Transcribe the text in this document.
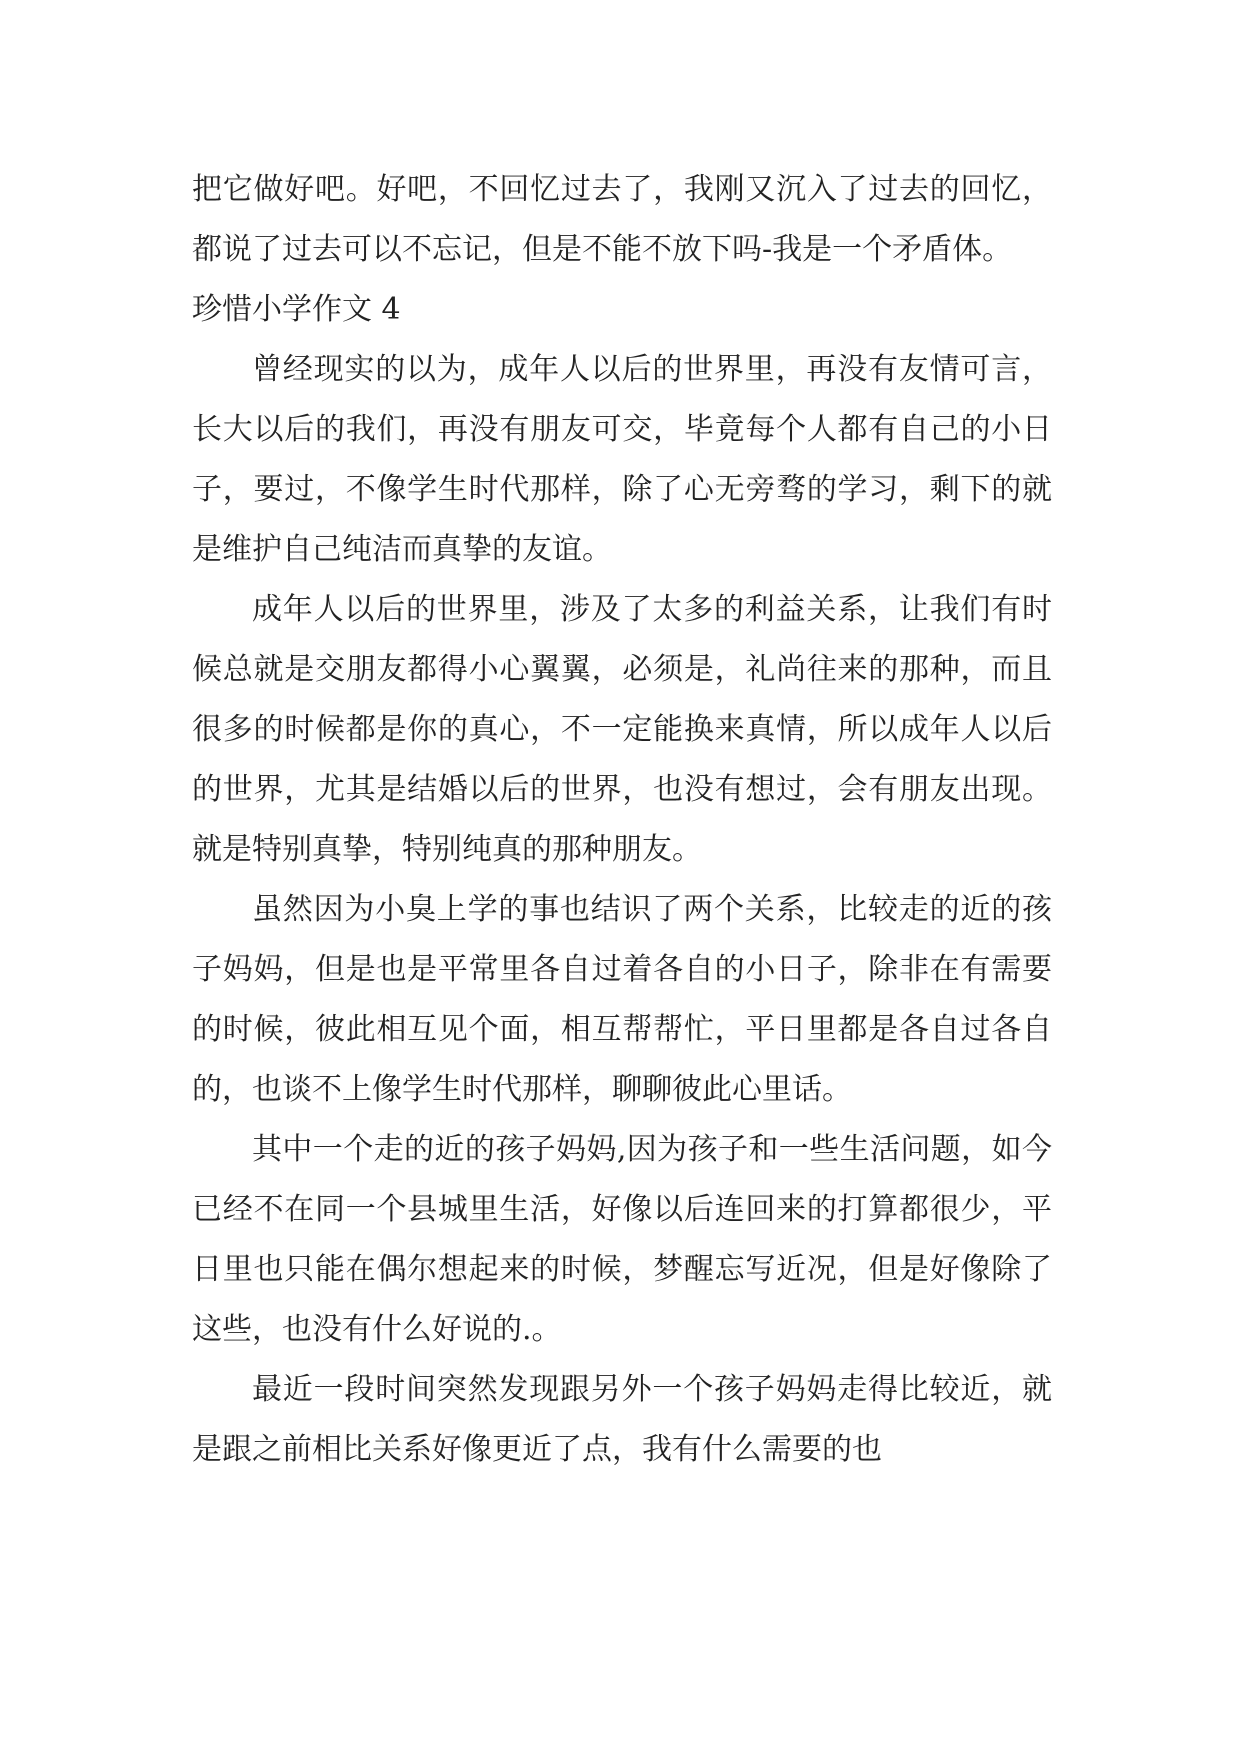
把它做好吧。好吧，不回忆过去了，我刚又沉入了过去的回忆，都说了过去可以不忘记，但是不能不放下吗-我是一个矛盾体。

珍惜小学作文 4

曾经现实的以为，成年人以后的世界里，再没有友情可言，长大以后的我们，再没有朋友可交，毕竟每个人都有自己的小日子，要过，不像学生时代那样，除了心无旁骛的学习，剩下的就是维护自己纯洁而真挚的友谊。

成年人以后的世界里，涉及了太多的利益关系，让我们有时候总就是交朋友都得小心翼翼，必须是，礼尚往来的那种，而且很多的时候都是你的真心，不一定能换来真情，所以成年人以后的世界，尤其是结婚以后的世界，也没有想过，会有朋友出现。就是特别真挚，特别纯真的那种朋友。

虽然因为小臭上学的事也结识了两个关系，比较走的近的孩子妈妈，但是也是平常里各自过着各自的小日子，除非在有需要的时候，彼此相互见个面，相互帮帮忙，平日里都是各自过各自的，也谈不上像学生时代那样，聊聊彼此心里话。

其中一个走的近的孩子妈妈,因为孩子和一些生活问题，如今已经不在同一个县城里生活，好像以后连回来的打算都很少，平日里也只能在偶尔想起来的时候，梦醒忘写近况，但是好像除了这些，也没有什么好说的.。

最近一段时间突然发现跟另外一个孩子妈妈走得比较近，就是跟之前相比关系好像更近了点，我有什么需要的也
